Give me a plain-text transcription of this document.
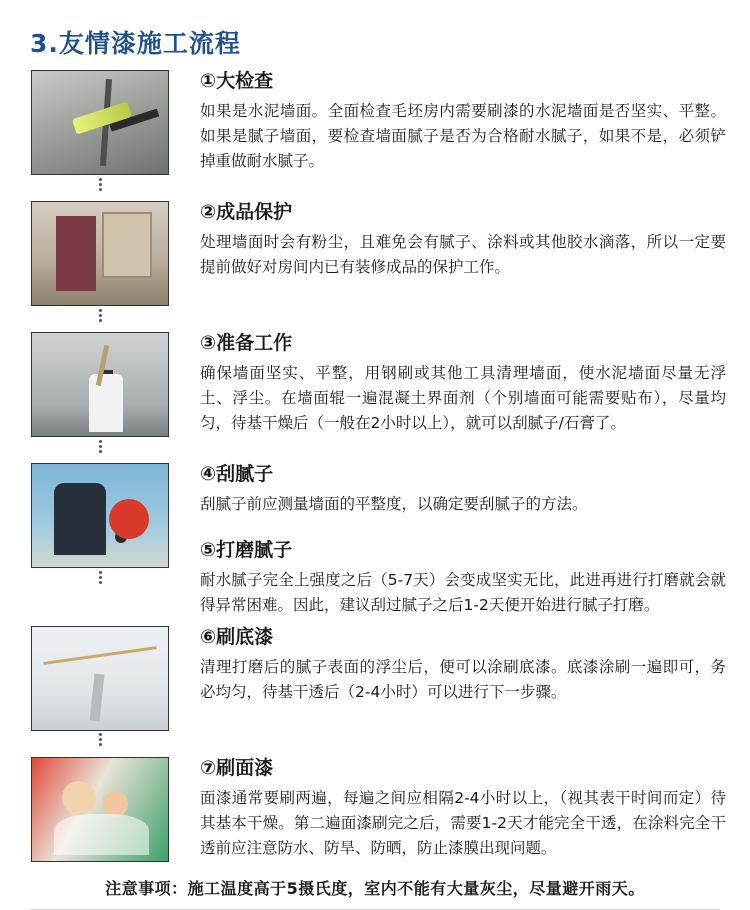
3.友情漆施工流程

①大检查

如果是水泥墙面。全面检查毛坯房内需要刷漆的水泥墙面是否坚实、平整。如果是腻子墙面，要检查墙面腻子是否为合格耐水腻子，如果不是，必须铲掉重做耐水腻子。

②成品保护

处理墙面时会有粉尘，且难免会有腻子、涂料或其他胶水滴落，所以一定要提前做好对房间内已有装修成品的保护工作。

③准备工作

确保墙面坚实、平整，用钢刷或其他工具清理墙面，使水泥墙面尽量无浮土、浮尘。在墙面辊一遍混凝土界面剂（个别墙面可能需要贴布），尽量均匀，待基干燥后（一般在2小时以上），就可以刮腻子/石膏了。

④刮腻子

刮腻子前应测量墙面的平整度，以确定要刮腻子的方法。

⑤打磨腻子

耐水腻子完全上强度之后（5-7天）会变成坚实无比，此进再进行打磨就会就得异常困难。因此，建议刮过腻子之后1-2天便开始进行腻子打磨。

⑥刷底漆

清理打磨后的腻子表面的浮尘后，便可以涂刷底漆。底漆涂刷一遍即可，务必均匀，待基干透后（2-4小时）可以进行下一步骤。

⑦刷面漆

面漆通常要刷两遍，每遍之间应相隔2-4小时以上，（视其表干时间而定）待其基本干燥。第二遍面漆刷完之后，需要1-2天才能完全干透，在涂料完全干透前应注意防水、防旱、防晒，防止漆膜出现问题。

注意事项：施工温度高于5摄氏度，室内不能有大量灰尘，尽量避开雨天。
